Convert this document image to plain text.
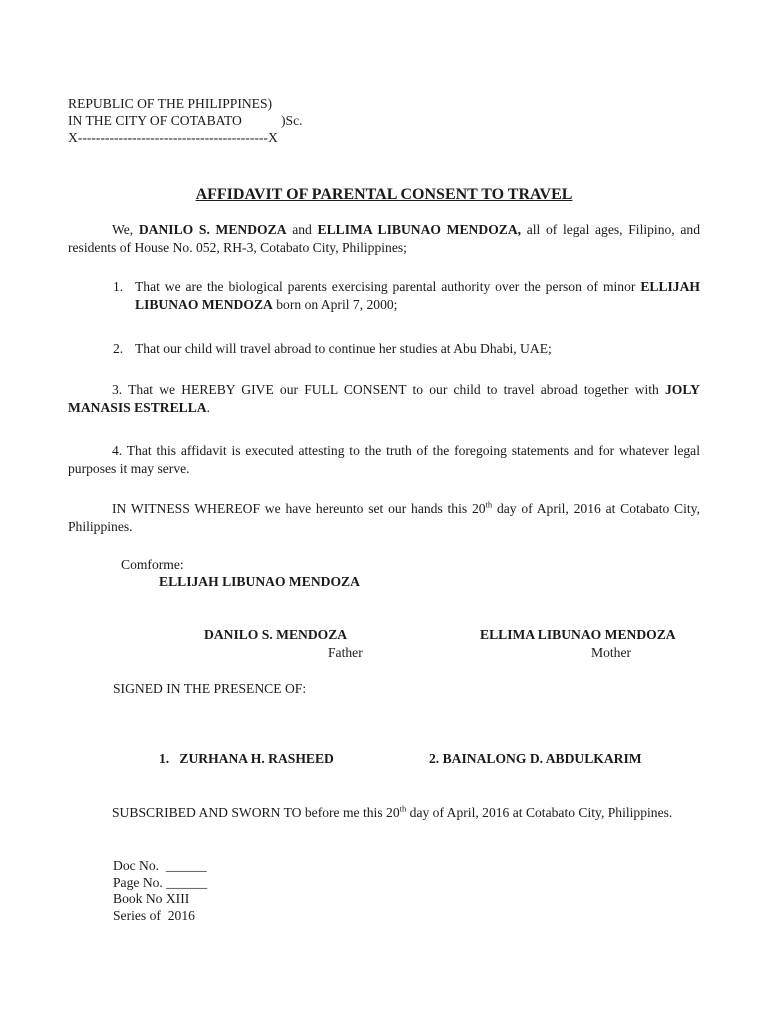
REPUBLIC OF THE PHILIPPINES)
IN THE CITY OF COTABATO	)Sc.
X------------------------------------------X
AFFIDAVIT OF PARENTAL CONSENT TO TRAVEL
We, DANILO S. MENDOZA and ELLIMA LIBUNAO MENDOZA, all of legal ages, Filipino, and residents of House No. 052, RH-3, Cotabato City, Philippines;
1. That we are the biological parents exercising parental authority over the person of minor ELLIJAH LIBUNAO MENDOZA born on April 7, 2000;
2. That our child will travel abroad to continue her studies at Abu Dhabi, UAE;
3. That we HEREBY GIVE our FULL CONSENT to our child to travel abroad together with JOLY MANASIS ESTRELLA.
4. That this affidavit is executed attesting to the truth of the foregoing statements and for whatever legal purposes it may serve.
IN WITNESS WHEREOF we have hereunto set our hands this 20th day of April, 2016 at Cotabato City, Philippines.
Comforme:
ELLIJAH LIBUNAO MENDOZA
DANILO S. MENDOZA
Father
ELLIMA LIBUNAO MENDOZA
Mother
SIGNED IN THE PRESENCE OF:
1.   ZURHANA H. RASHEED	2. BAINALONG D. ABDULKARIM
SUBSCRIBED AND SWORN TO before me this 20th day of April, 2016 at Cotabato City, Philippines.
Doc No.  ______
Page No. ______
Book No XIII
Series of  2016
